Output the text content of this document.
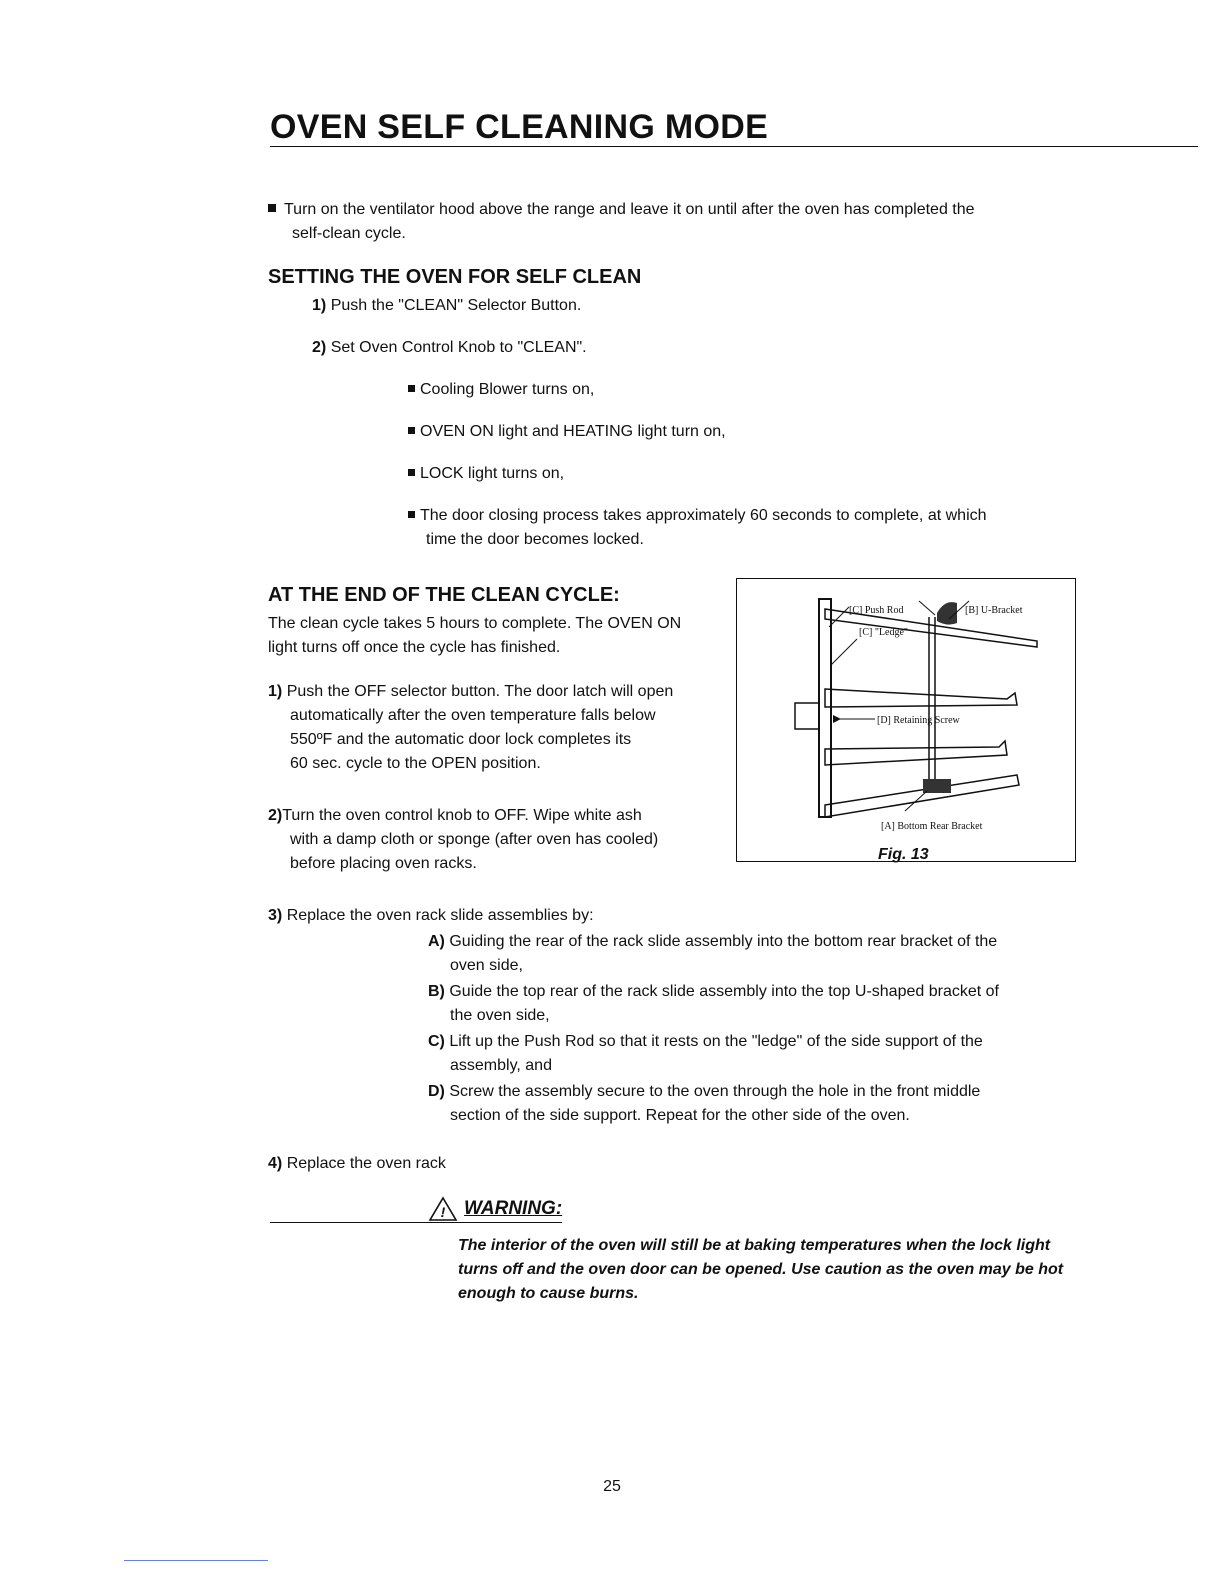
OVEN SELF CLEANING MODE

Turn on the ventilator hood above the range and leave it on until after the oven has completed the

self-clean cycle.

SETTING THE OVEN FOR SELF CLEAN

1) Push the "CLEAN" Selector Button.

2) Set Oven Control Knob to "CLEAN".

Cooling Blower turns on,

OVEN ON light and HEATING light turn on,

LOCK light turns on,

The door closing process takes approximately 60 seconds to complete, at which

time the door becomes locked.

AT THE END OF THE CLEAN CYCLE:

The clean cycle takes 5 hours to complete. The OVEN ON

light turns off once the cycle has finished.

1) Push the OFF selector button. The door latch will open

automatically after the oven temperature falls below

550ºF and the automatic door lock completes its

60 sec. cycle to the OPEN position.

2)Turn the oven control knob to OFF. Wipe white ash

with a damp cloth or sponge (after oven has cooled)

before placing oven racks.

[C] Push Rod	[B] U-Bracket
[C] "Ledge"
[D] Retaining Screw
[A] Bottom Rear Bracket

Fig. 13

3) Replace the oven rack slide assemblies by:

A) Guiding the rear of the rack slide assembly into the bottom rear bracket of the

oven side,

B) Guide the top rear of the rack slide assembly into the top U-shaped bracket of

the oven side,

C) Lift up the Push Rod so that it rests on the "ledge" of the side support of the

assembly, and

D) Screw the assembly secure to the oven through the hole in the front middle

section of the side support. Repeat for the other side of the oven.

4) Replace the oven rack

! WARNING:

The interior of the oven will still be at baking temperatures when the lock light

turns off and the oven door can be opened. Use caution as the oven may be hot

enough to cause burns.

25
